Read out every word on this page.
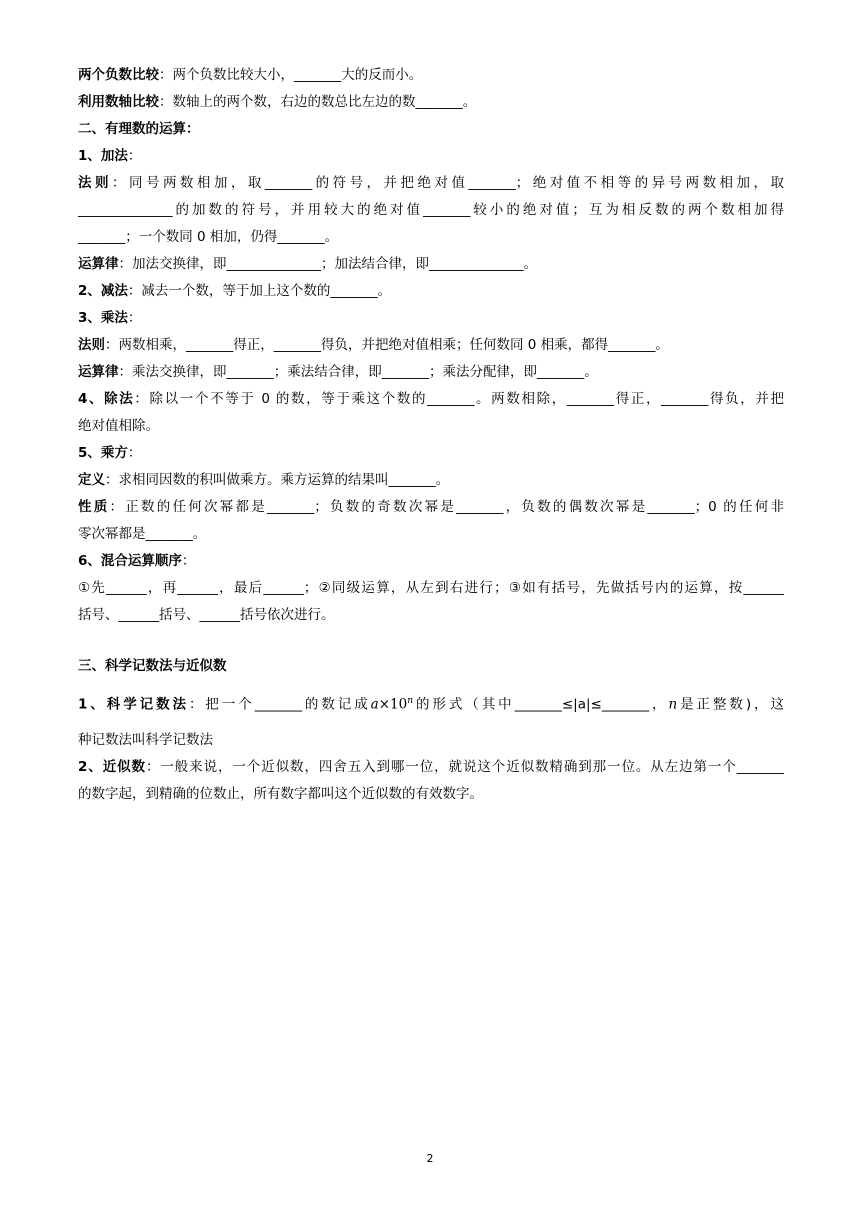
两个负数比较：两个负数比较大小，_______大的反而小。
利用数轴比较：数轴上的两个数，右边的数总比左边的数_______。
二、有理数的运算：
1、加法：
法则：同号两数相加，取_______的符号，并把绝对值_______；绝对值不相等的异号两数相加，取
______________的加数的符号，并用较大的绝对值_______较小的绝对值；互为相反数的两个数相加得
_______；一个数同 0 相加，仍得_______。
运算律：加法交换律，即______________；加法结合律，即______________。
2、减法：减去一个数，等于加上这个数的_______。
3、乘法：
法则：两数相乘，_______得正，_______得负，并把绝对值相乘；任何数同 0 相乘，都得_______。
运算律：乘法交换律，即_______；乘法结合律，即_______；乘法分配律，即_______。
4、除法：除以一个不等于 0 的数，等于乘这个数的_______。两数相除，_______得正，_______得负，并把
绝对值相除。
5、乘方：
定义：求相同因数的积叫做乘方。乘方运算的结果叫_______。
性质：正数的任何次幂都是_______；负数的奇数次幂是_______，负数的偶数次幂是_______；0 的任何非
零次幂都是_______。
6、混合运算顺序：
①先______，再______，最后______；②同级运算，从左到右进行；③如有括号，先做括号内的运算，按______
括号、______括号、______括号依次进行。
三、科学记数法与近似数
1、科学记数法：把一个_______的数记成$a\times 10^n$的形式（其中_______≤|a|≤_______，n是正整数)，这
种记数法叫科学记数法
2、近似数：一般来说，一个近似数，四舍五入到哪一位，就说这个近似数精确到那一位。从左边第一个_______
的数字起，到精确的位数止，所有数字都叫这个近似数的有效数字。
2
